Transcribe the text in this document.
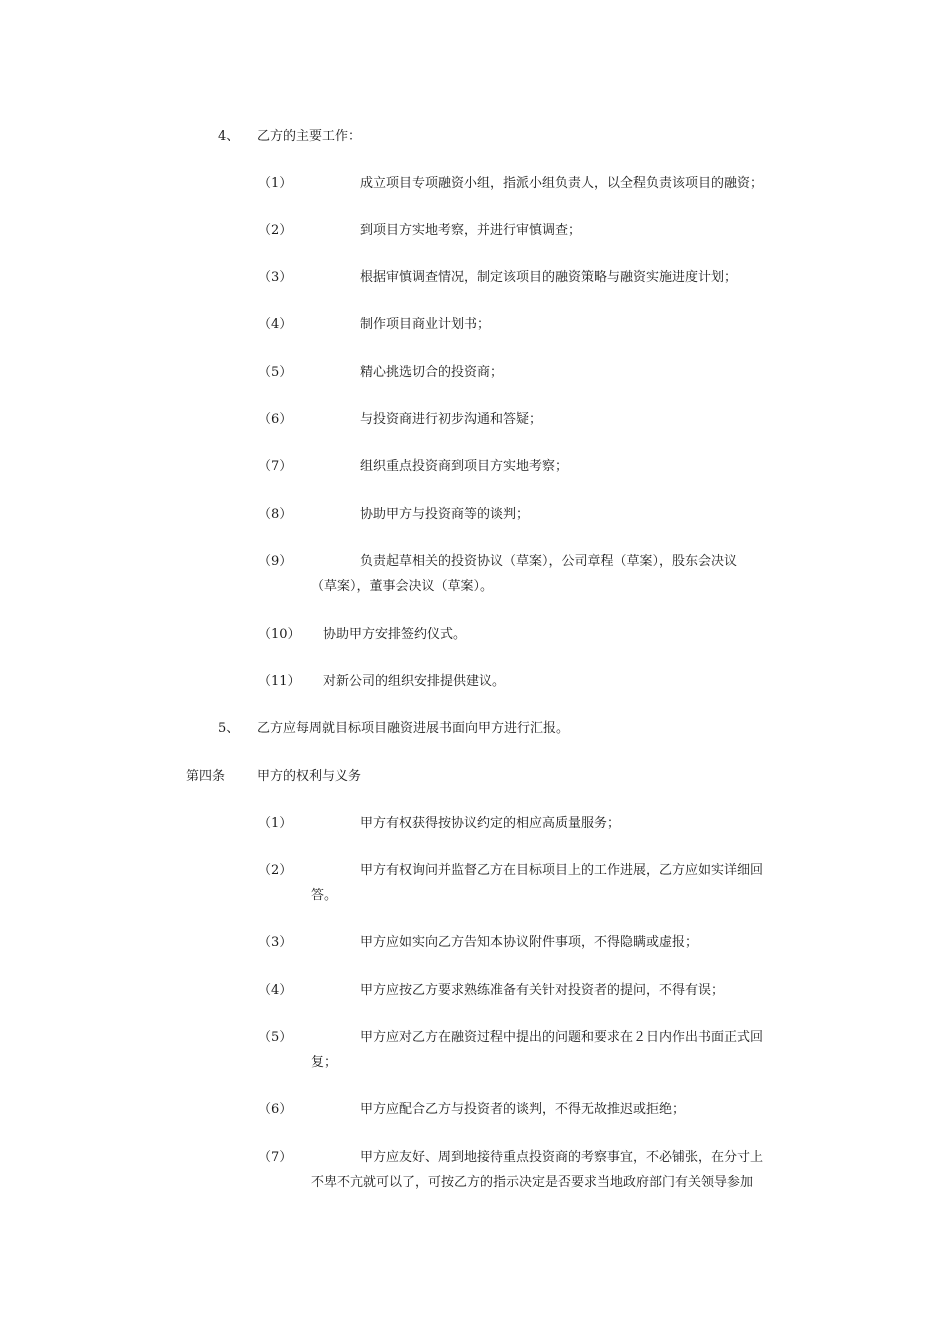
4、 乙方的主要工作：
（1）	成立项目专项融资小组，指派小组负责人，以全程负责该项目的融资；
（2）	到项目方实地考察，并进行审慎调查；
（3）	根据审慎调查情况，制定该项目的融资策略与融资实施进度计划；
（4）	制作项目商业计划书；
（5）	精心挑选切合的投资商；
（6）	与投资商进行初步沟通和答疑；
（7）	组织重点投资商到项目方实地考察；
（8）	协助甲方与投资商等的谈判；
（9）	负责起草相关的投资协议（草案），公司章程（草案），股东会决议
（草案），董事会决议（草案）。
（10） 协助甲方安排签约仪式。
（11） 对新公司的组织安排提供建议。
5、 乙方应每周就目标项目融资进展书面向甲方进行汇报。
第四条 甲方的权利与义务
（1）	甲方有权获得按协议约定的相应高质量服务；
（2）	甲方有权询问并监督乙方在目标项目上的工作进展，乙方应如实详细回
答。
（3）	甲方应如实向乙方告知本协议附件事项，不得隐瞒或虚报；
（4）	甲方应按乙方要求熟练准备有关针对投资者的提问，不得有误；
（5）	甲方应对乙方在融资过程中提出的问题和要求在２日内作出书面正式回
复；
（6）	甲方应配合乙方与投资者的谈判，不得无故推迟或拒绝；
（7）	甲方应友好、周到地接待重点投资商的考察事宜，不必铺张，在分寸上
不卑不亢就可以了，可按乙方的指示决定是否要求当地政府部门有关领导参加
